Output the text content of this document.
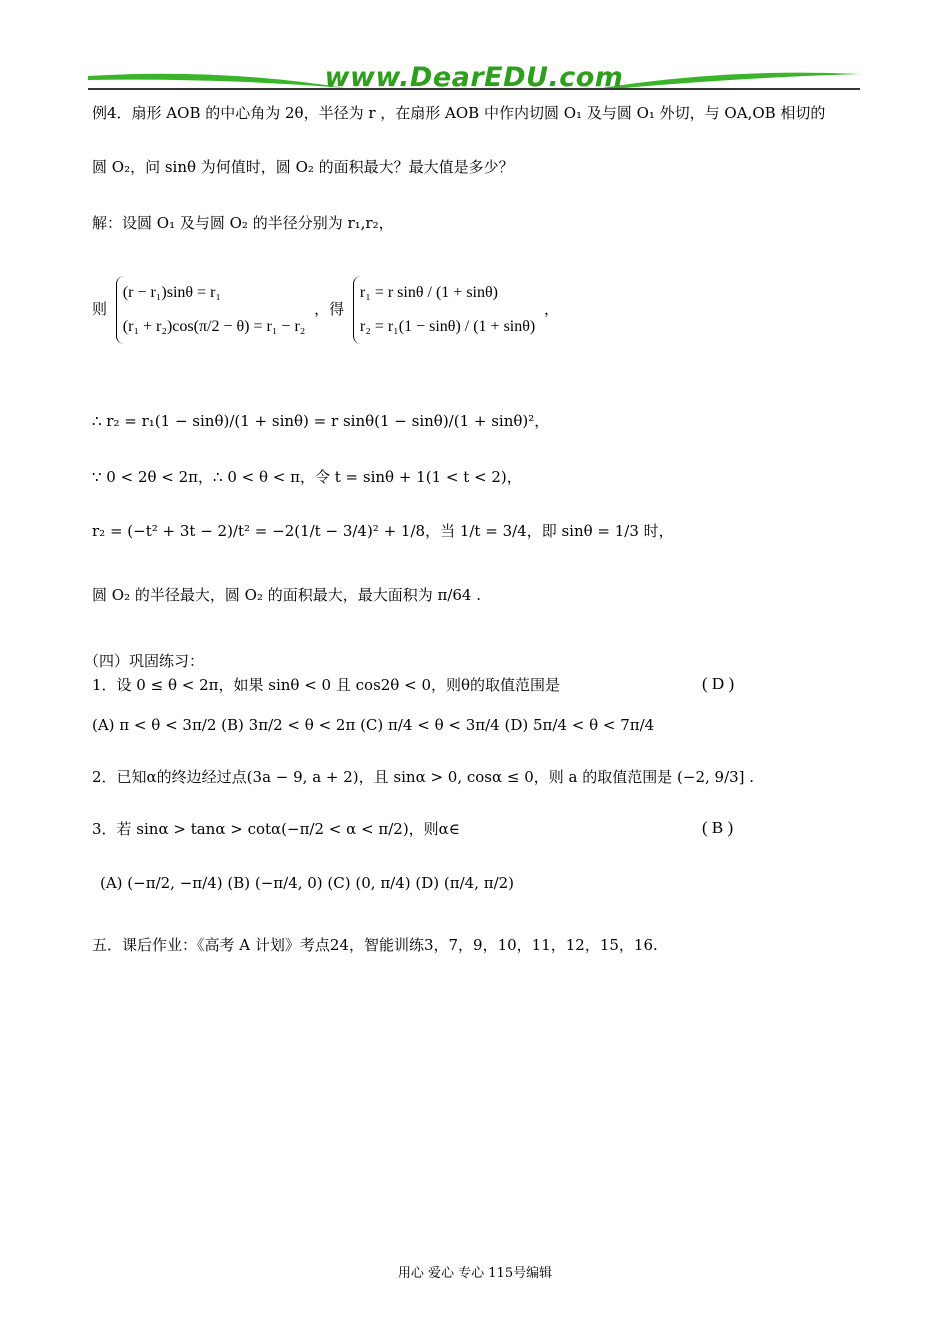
www.DearEDU.com
例4．扇形 AOB 的中心角为 2θ，半径为 r ，在扇形 AOB 中作内切圆 O₁ 及与圆 O₁ 外切，与 OA,OB 相切的
圆 O₂，问 sinθ 为何值时，圆 O₂ 的面积最大？最大值是多少？
解：设圆 O₁ 及与圆 O₂ 的半径分别为 r₁,r₂，
则
(r − r₁)sinθ = r₁
(r₁ + r₂)cos(π/2 − θ) = r₁ − r₂
，得
r₁ = r sinθ / (1 + sinθ)
r₂ = r₁(1 − sinθ) / (1 + sinθ)
，
∴ r₂ = r₁(1 − sinθ)/(1 + sinθ) = r sinθ(1 − sinθ)/(1 + sinθ)²，
∵ 0 < 2θ < 2π，∴ 0 < θ < π，令 t = sinθ + 1(1 < t < 2)，
r₂ = (−t² + 3t − 2)/t² = −2(1/t − 3/4)² + 1/8，当 1/t = 3/4，即 sinθ = 1/3 时，
圆 O₂ 的半径最大，圆 O₂ 的面积最大，最大面积为 π/64 .
（四）巩固练习：
1．设 0 ≤ θ < 2π，如果 sinθ < 0 且 cos2θ < 0，则θ的取值范围是	( D )
(A) π < θ < 3π/2 (B) 3π/2 < θ < 2π (C) π/4 < θ < 3π/4 (D) 5π/4 < θ < 7π/4
2．已知α的终边经过点(3a − 9, a + 2)，且 sinα > 0, cosα ≤ 0，则 a 的取值范围是 (−2, 9/3] .
3．若 sinα > tanα > cotα(−π/2 < α < π/2)，则α∈	( B )
(A) (−π/2, −π/4) (B) (−π/4, 0) (C) (0, π/4) (D) (π/4, π/2)
五．课后作业：《高考 A 计划》考点24，智能训练3，7，9，10，11，12，15，16.
用心 爱心 专心 115号编辑
